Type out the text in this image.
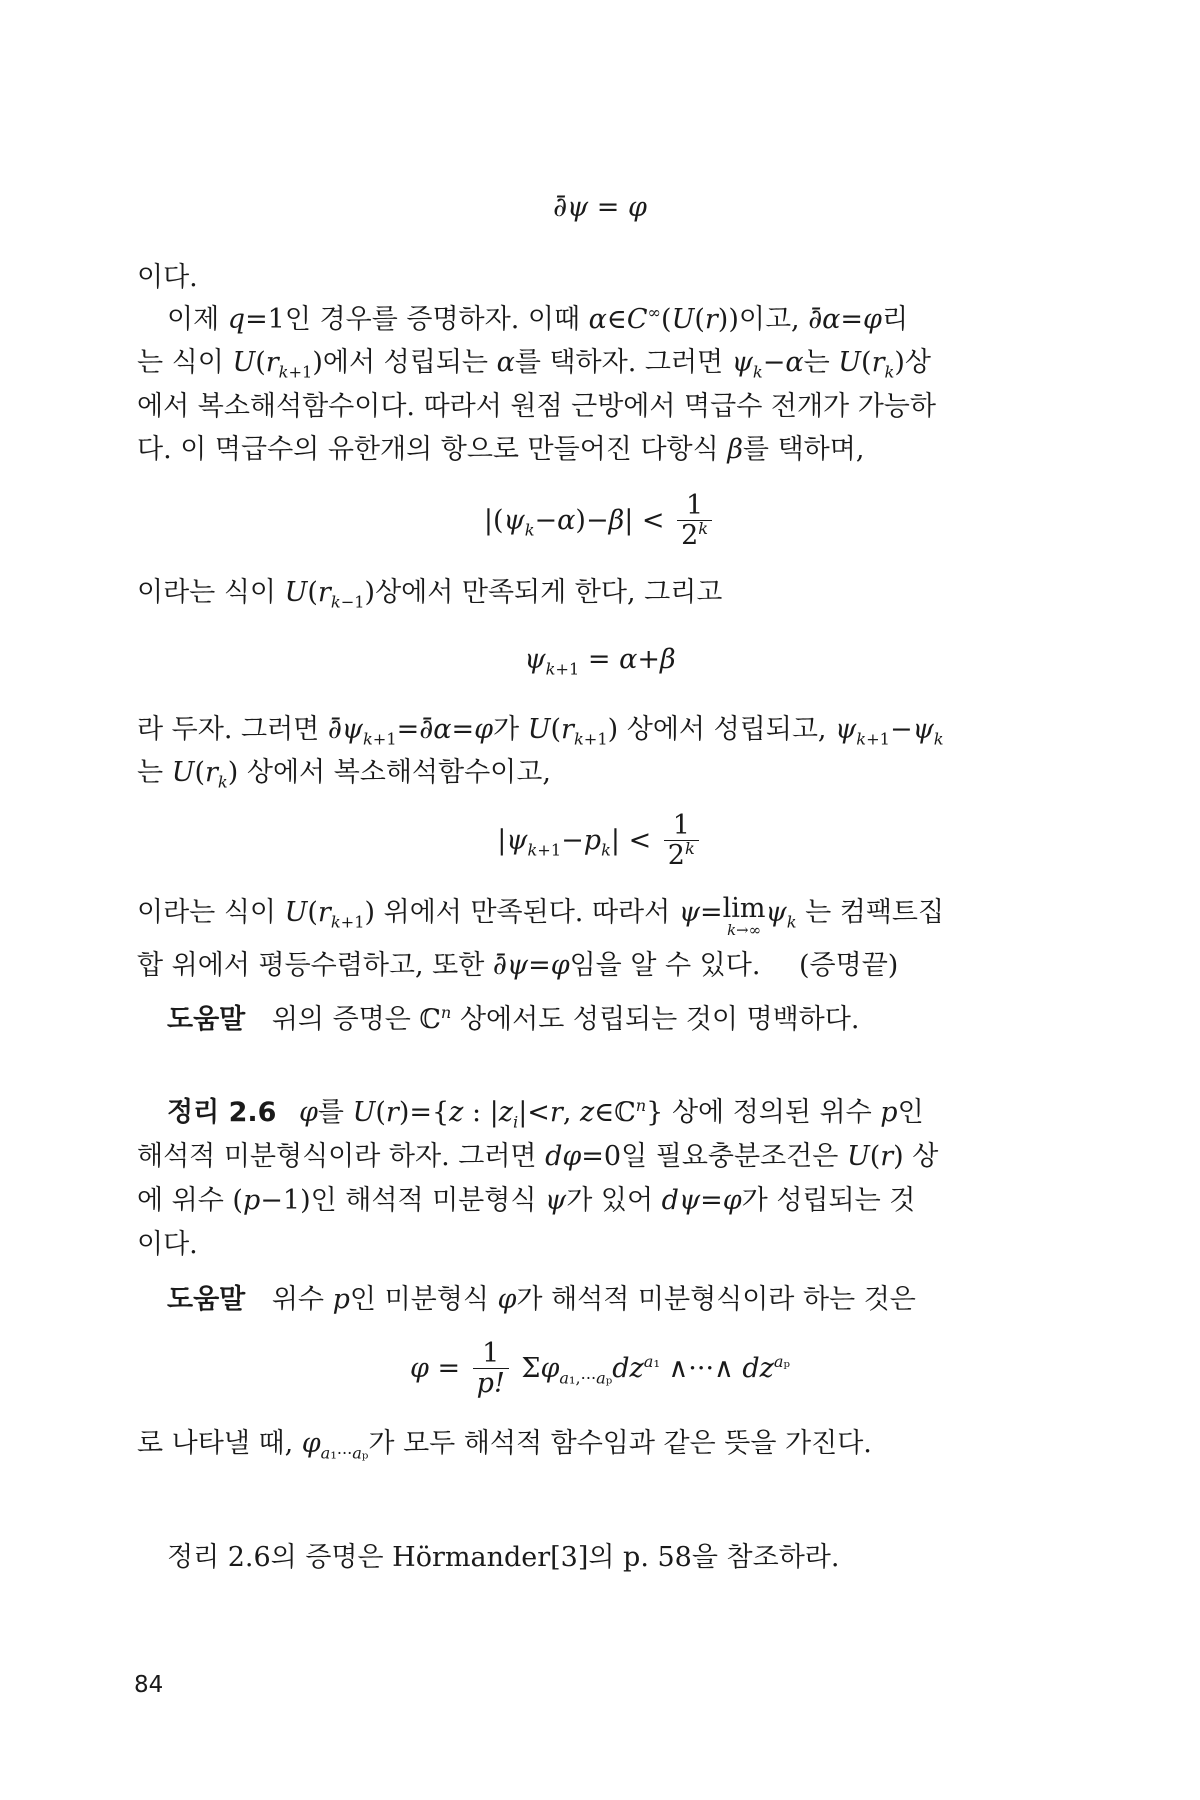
∂̄ψ = φ
이다.
이제 q=1인 경우를 증명하자. 이때 α∈C∞(U(r))이고, ∂̄α=φ리
는 식이 $U(r_{k+1})$에서 성립되는 α를 택하자. 그러면 $\psi_k-\alpha$는 $U(r_k)$상
에서 복소해석함수이다. 따라서 원점 근방에서 멱급수 전개가 가능하
다. 이 멱급수의 유한개의 항으로 만들어진 다항식 β를 택하며,
$|(\psi_k-\alpha)-\beta| < \frac{1}{2^k}$
이라는 식이 $U(r_{k-1})$상에서 만족되게 한다, 그리고
$\psi_{k+1} = \alpha+\beta$
라 두자. 그러면 $\partial̄\psi_{k+1}=\partial̄\alpha=\varphi$가 $U(r_{k+1})$ 상에서 성립되고, $\psi_{k+1}-\psi_k$
는 $U(r_k)$ 상에서 복소해석함수이고,
$|\psi_{k+1}-p_k| < \frac{1}{2^k}$
이라는 식이 $U(r_{k+1})$ 위에서 만족된다. 따라서 ψ=lim
k→∞
$\psi_k$ 는 컴팩트집
합 위에서 평등수렴하고, 또한 ∂̄ψ=φ임을 알 수 있다. (증명끝)
도움말 위의 증명은 ℂ$^n$ 상에서도 성립되는 것이 명백하다.
정리 2.6 φ를 U(r)={z : $|z_i|<r$, z∈ℂ$^n$} 상에 정의된 위수 p인
해석적 미분형식이라 하자. 그러면 dφ=0일 필요충분조건은 U(r) 상
에 위수 (p−1)인 해석적 미분형식 ψ가 있어 dψ=φ가 성립되는 것
이다.
도움말 위수 p인 미분형식 φ가 해석적 미분형식이라 하는 것은
$\varphi = \frac{1}{p!} \Sigma\varphi_{a_1,\cdot\cdot\cdot a_p}dz^{a_1}$ ∧···∧ $dz^{a_p}$
로 나타낼 때, $\varphi_{a_1\cdot\cdot\cdot a_p}$가 모두 해석적 함수임과 같은 뜻을 가진다.
정리 2.6의 증명은 Hörmander[3]의 p. 58을 참조하라.
84
